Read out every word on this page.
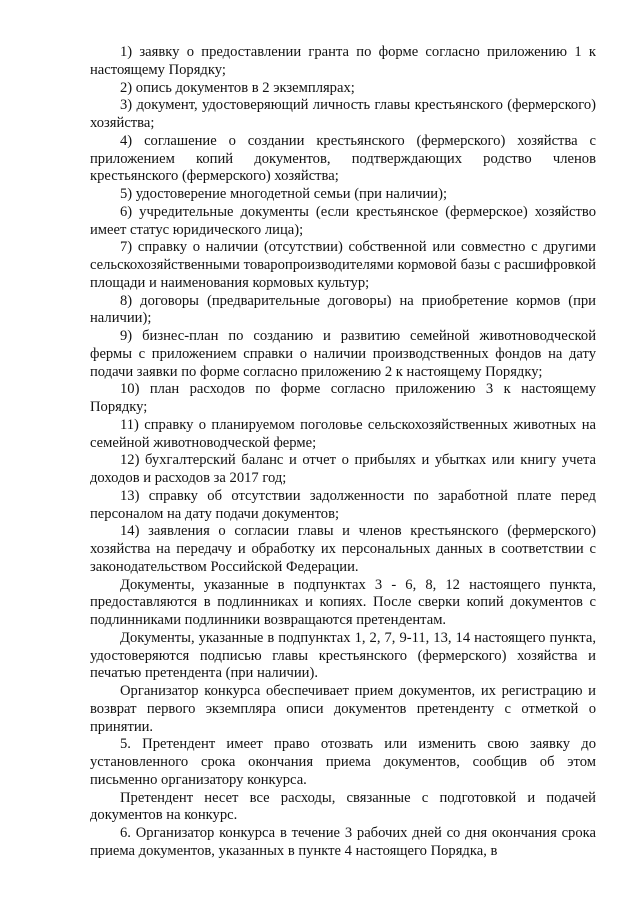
1) заявку о предоставлении гранта по форме согласно приложению 1 к настоящему Порядку;

2) опись документов в 2 экземплярах;

3) документ, удостоверяющий личность главы крестьянского (фермерского) хозяйства;

4) соглашение о создании крестьянского (фермерского) хозяйства с приложением копий документов, подтверждающих родство членов крестьянского (фермерского) хозяйства;

5) удостоверение многодетной семьи (при наличии);

6) учредительные документы (если крестьянское (фермерское) хозяйство имеет статус юридического лица);

7) справку о наличии (отсутствии) собственной или совместно с другими сельскохозяйственными товаропроизводителями кормовой базы с расшифровкой площади и наименования кормовых культур;

8) договоры (предварительные договоры) на приобретение кормов (при наличии);

9) бизнес-план по созданию и развитию семейной животноводческой фермы с приложением справки о наличии производственных фондов на дату подачи заявки по форме согласно приложению 2 к настоящему Порядку;

10) план расходов по форме согласно приложению 3 к настоящему Порядку;

11) справку о планируемом поголовье сельскохозяйственных животных на семейной животноводческой ферме;

12) бухгалтерский баланс и отчет о прибылях и убытках или книгу учета доходов и расходов за 2017 год;

13) справку об отсутствии задолженности по заработной плате перед персоналом на дату подачи документов;

14) заявления о согласии главы и членов крестьянского (фермерского) хозяйства на передачу и обработку их персональных данных в соответствии с законодательством Российской Федерации.

Документы, указанные в подпунктах 3 - 6, 8, 12 настоящего пункта, предоставляются в подлинниках и копиях. После сверки копий документов с подлинниками подлинники возвращаются претендентам.

Документы, указанные в подпунктах 1, 2, 7, 9-11, 13, 14 настоящего пункта, удостоверяются подписью главы крестьянского (фермерского) хозяйства и печатью претендента (при наличии).

Организатор конкурса обеспечивает прием документов, их регистрацию и возврат первого экземпляра описи документов претенденту с отметкой о принятии.

5. Претендент имеет право отозвать или изменить свою заявку до установленного срока окончания приема документов, сообщив об этом письменно организатору конкурса.

Претендент несет все расходы, связанные с подготовкой и подачей документов на конкурс.

6. Организатор конкурса в течение 3 рабочих дней со дня окончания срока приема документов, указанных в пункте 4 настоящего Порядка, в
